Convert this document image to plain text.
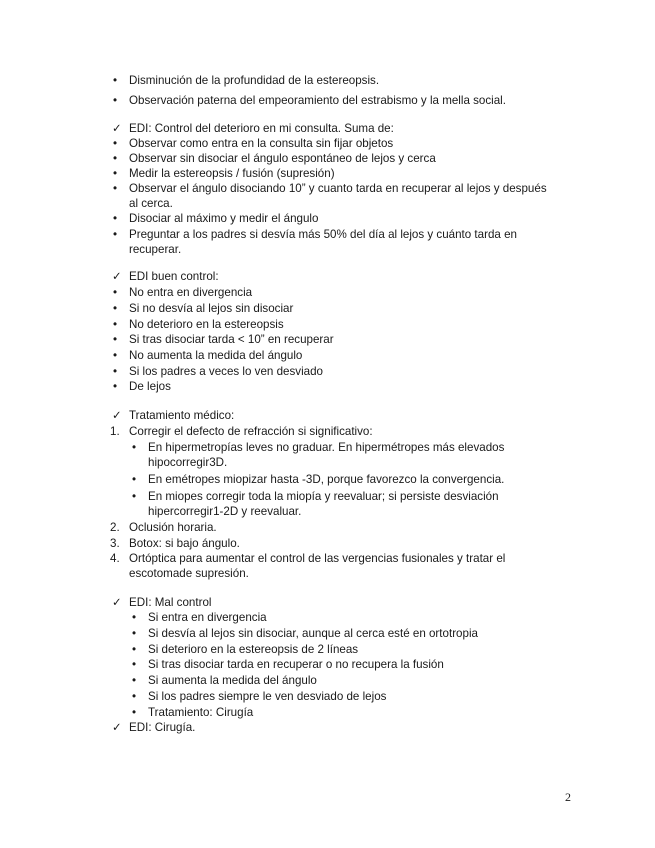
• Disminución de la profundidad de la estereopsis.
• Observación paterna del empeoramiento del estrabismo y la mella social.
✓ EDI: Control del deterioro en mi consulta. Suma de:
• Observar como entra en la consulta sin fijar objetos
• Observar sin disociar el ángulo espontáneo de lejos y cerca
• Medir la estereopsis / fusión (supresión)
• Observar el ángulo disociando 10” y cuanto tarda en recuperar al lejos y después
al cerca.
• Disociar al máximo y medir el ángulo
• Preguntar a los padres si desvía más 50% del día al lejos y cuánto tarda en
recuperar.
✓ EDI buen control:
• No entra en divergencia
• Si no desvía al lejos sin disociar
• No deterioro en la estereopsis
• Si tras disociar tarda < 10” en recuperar
• No aumenta la medida del ángulo
• Si los padres a veces lo ven desviado
• De lejos
✓ Tratamiento médico:
1. Corregir el defecto de refracción si significativo:
• En hipermetropías leves no graduar. En hipermétropes más elevados
hipocorregir3D.
• En emétropes miopizar hasta -3D, porque favorezco la convergencia.
• En miopes corregir toda la miopía y reevaluar; si persiste desviación
hipercorregir1-2D y reevaluar.
2. Oclusión horaria.
3. Botox: si bajo ángulo.
4. Ortóptica para aumentar el control de las vergencias fusionales y tratar el
escotomade supresión.
✓ EDI: Mal control
• Si entra en divergencia
• Si desvía al lejos sin disociar, aunque al cerca esté en ortotropia
• Si deterioro en la estereopsis de 2 líneas
• Si tras disociar tarda en recuperar o no recupera la fusión
• Si aumenta la medida del ángulo
• Si los padres siempre le ven desviado de lejos
• Tratamiento: Cirugía
✓ EDI: Cirugía.
2
